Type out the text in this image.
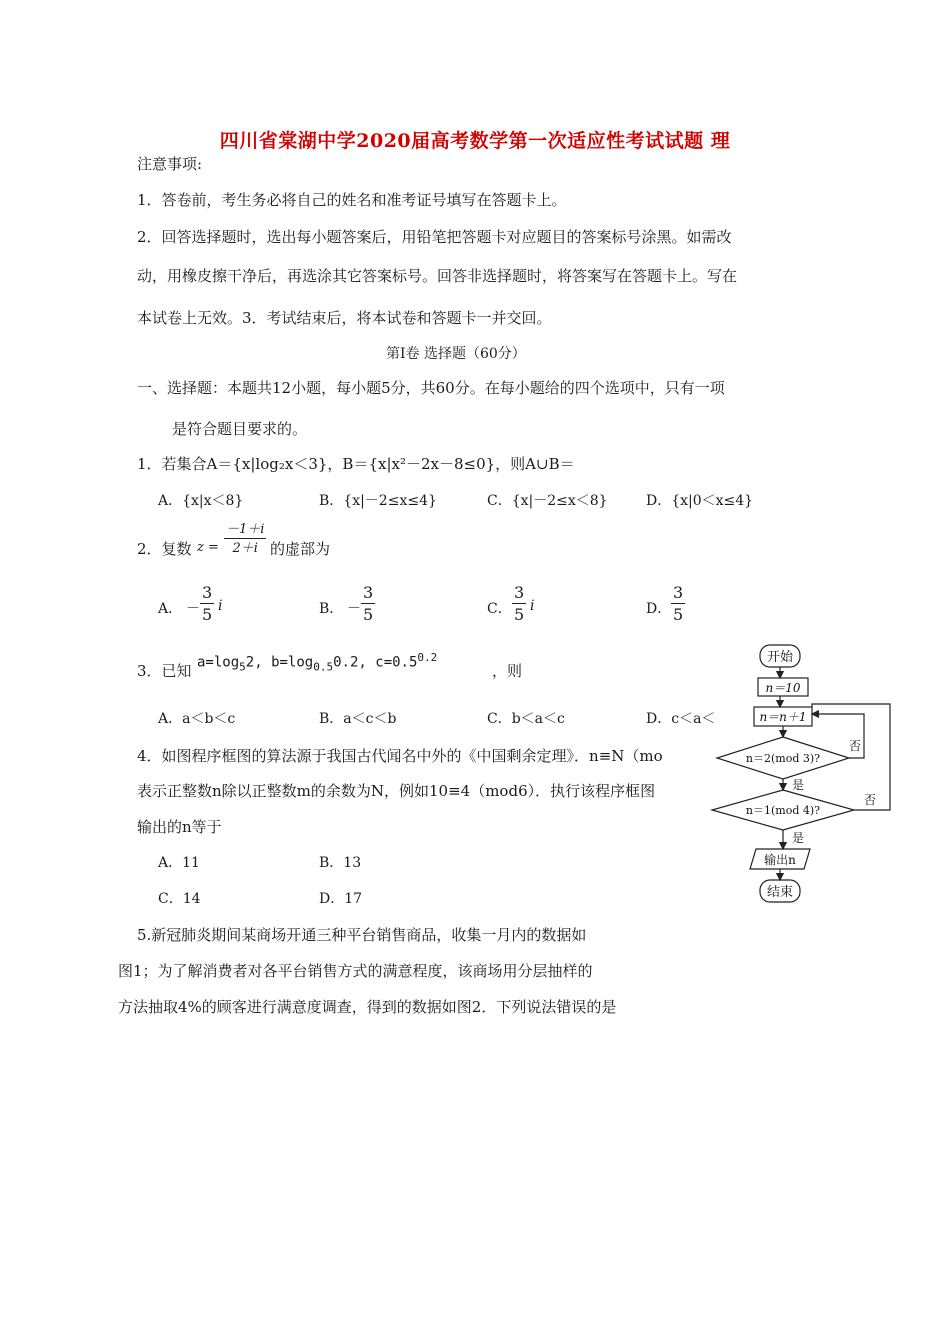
四川省棠湖中学2020届高考数学第一次适应性考试试题 理
注意事项:
1．答卷前，考生务必将自己的姓名和准考证号填写在答题卡上。
2．回答选择题时，选出每小题答案后，用铅笔把答题卡对应题目的答案标号涂黑。如需改
动，用橡皮擦干净后，再选涂其它答案标号。回答非选择题时，将答案写在答题卡上。写在
本试卷上无效。3．考试结束后，将本试卷和答题卡一并交回。
第Ⅰ卷 选择题（60分）
一、选择题：本题共12小题，每小题5分，共60分。在每小题给的四个选项中，只有一项
是符合题目要求的。
1．若集合A＝{x|log₂x＜3}，B＝{x|x²－2x－8≤0}，则A∪B＝
A．{x|x＜8}	B．{x|－2≤x≤4}	C．{x|－2≤x＜8}	D．{x|0＜x≤4}
2．复数 $z = \frac{-1+i}{2+i}$ 的虚部为
A． － $\frac{3}{5}$ i	B． － $\frac{3}{5}$	C． $\frac{3}{5}$ i	D． $\frac{3}{5}$
3．已知 $a=\log_52$, $b=\log_{0.5}0.2$, $c=0.5^{0.2}$
，则
A．a＜b＜c	B．a＜c＜b	C．b＜a＜c	D．c＜a＜
4．如图程序框图的算法源于我国古代闻名中外的《中国剩余定理》．n≡N（mo
表示正整数n除以正整数m的余数为N，例如10≡4（mod6）．执行该程序框图
输出的n等于
A．11	B．13
C．14	D．17
5.新冠肺炎期间某商场开通三种平台销售商品，收集一月内的数据如
图1；为了解消费者对各平台销售方式的满意程度，该商场用分层抽样的
方法抽取4%的顾客进行满意度调查，得到的数据如图2．下列说法错误的是
开始
n＝10
n＝n＋1
n＝2(mod 3)?
n＝1(mod 4)?
否
否
是
是
输出n
结束
